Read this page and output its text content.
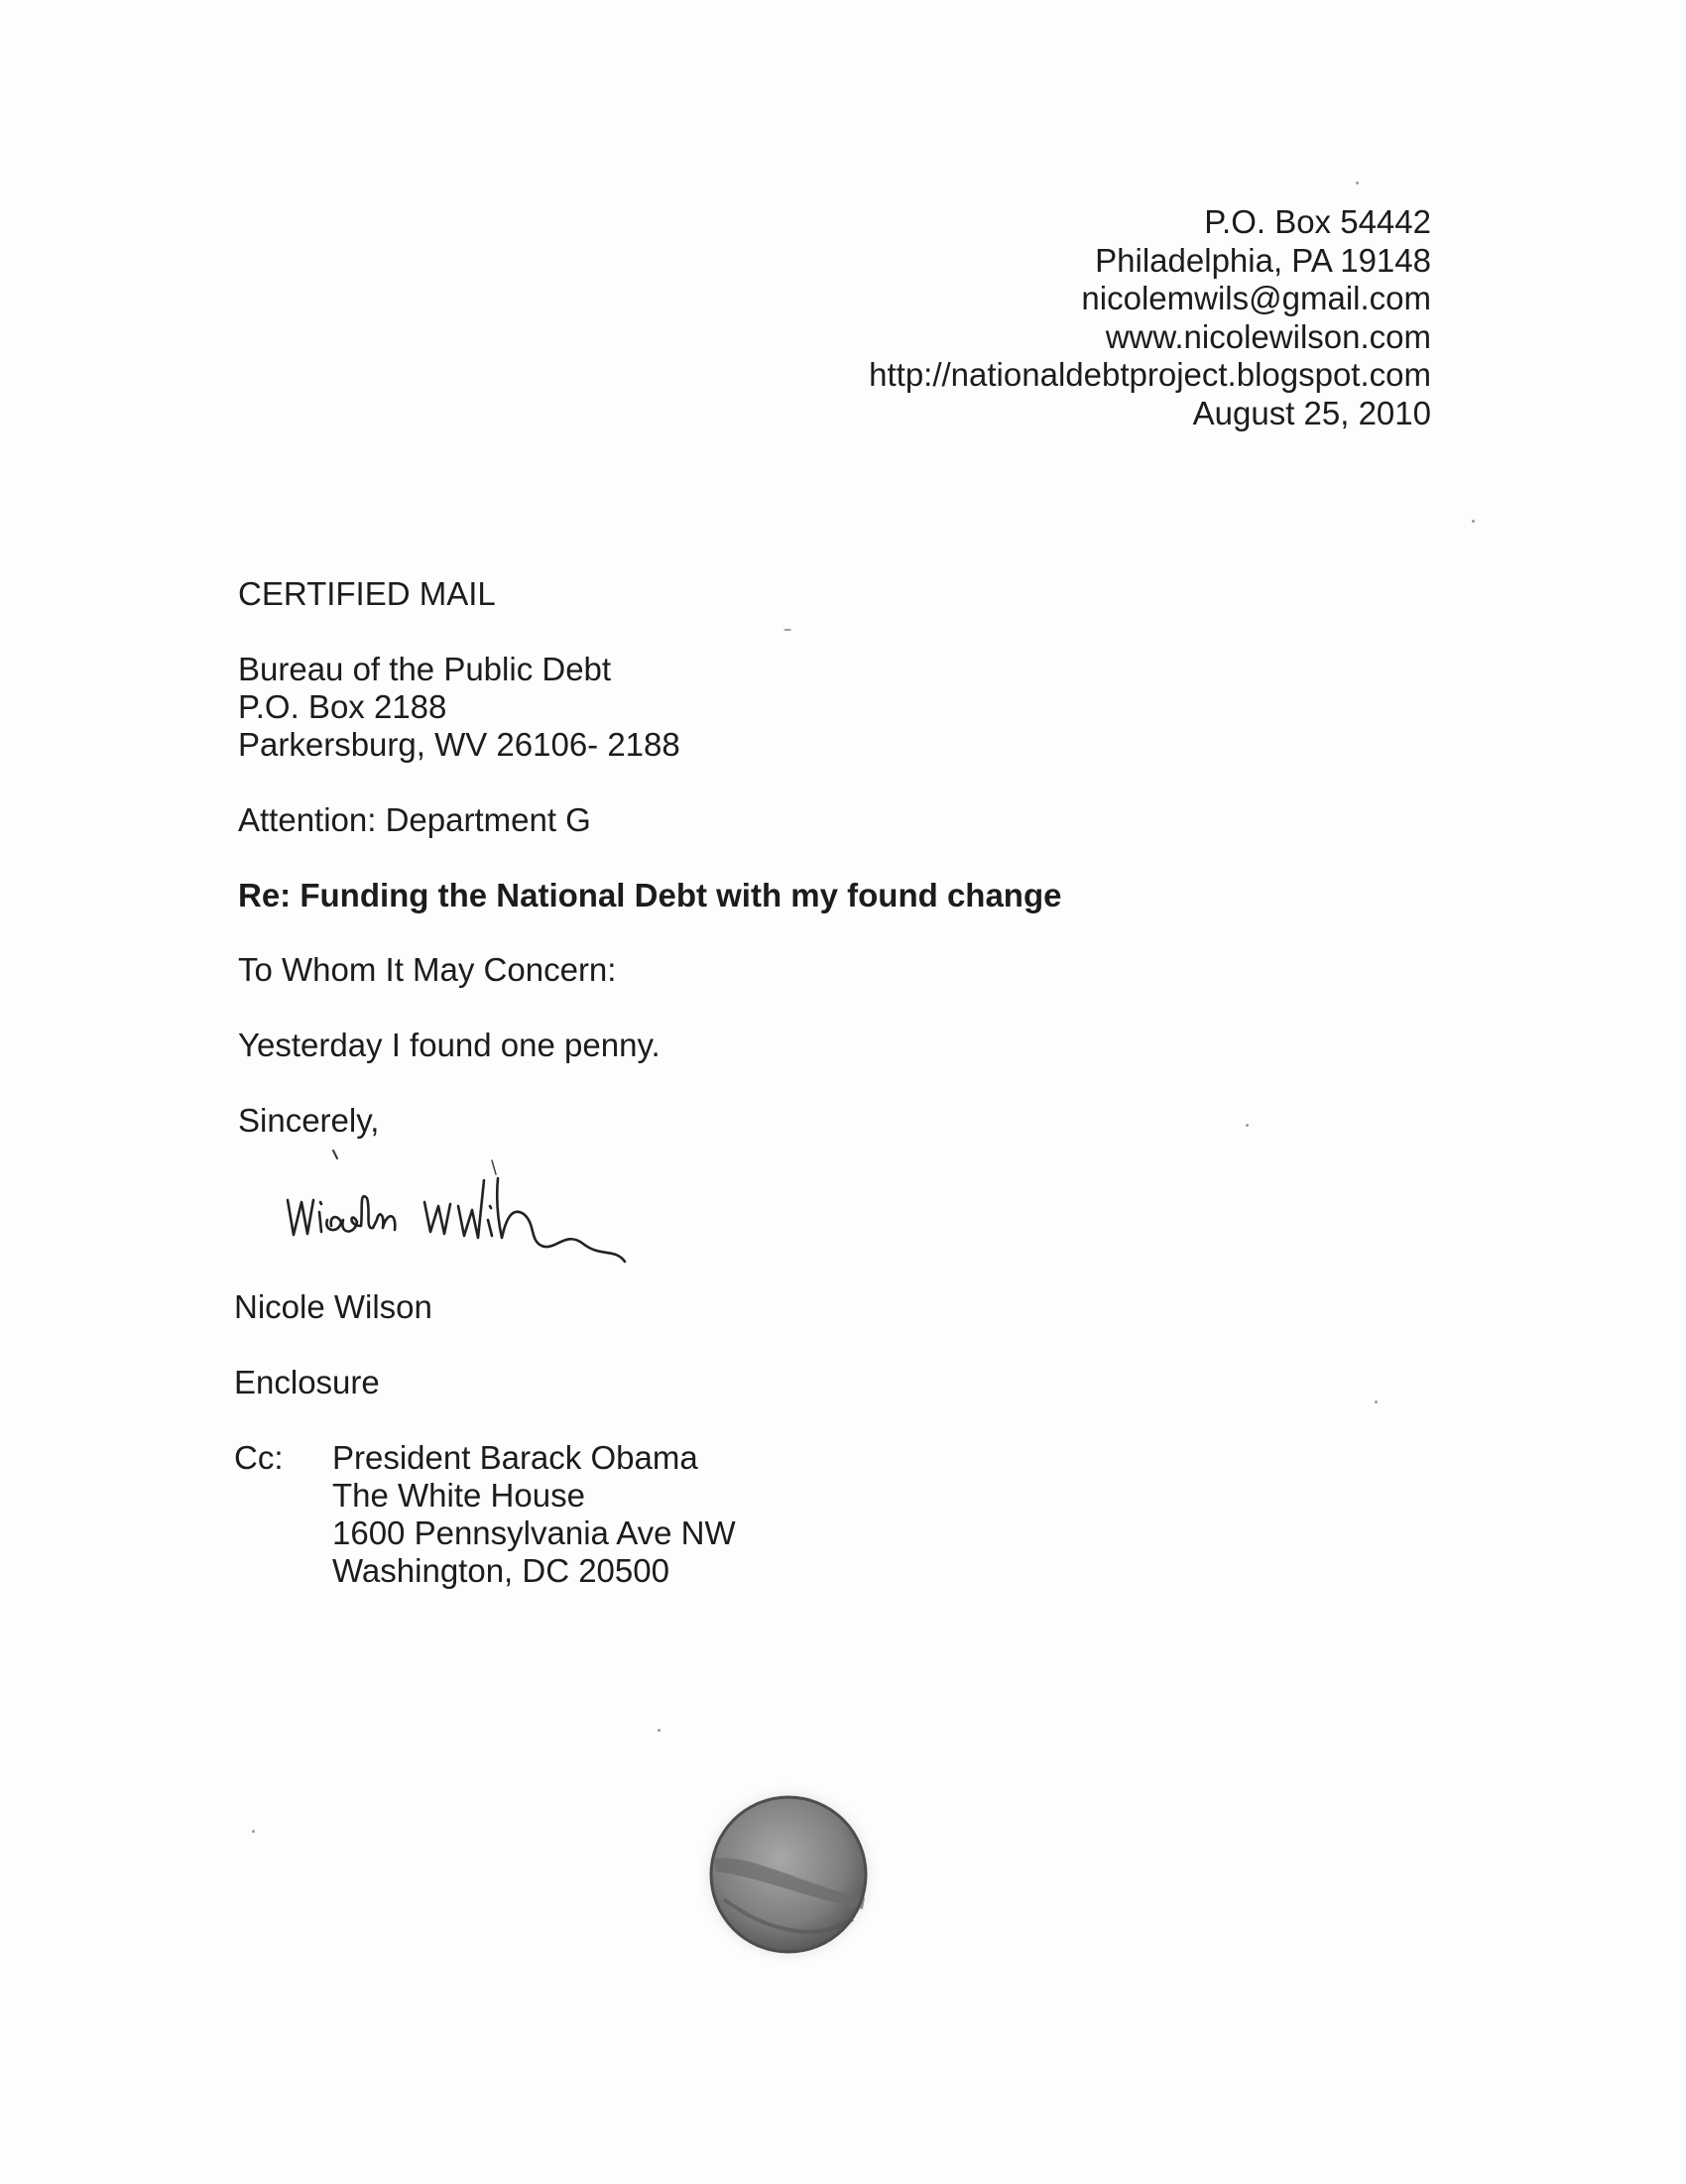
P.O. Box 54442
Philadelphia, PA 19148
nicolemwils@gmail.com
www.nicolewilson.com
http://nationaldebtproject.blogspot.com
August 25, 2010
CERTIFIED MAIL
Bureau of the Public Debt
P.O. Box 2188
Parkersburg, WV 26106- 2188
Attention: Department G
Re: Funding the National Debt with my found change
To Whom It May Concern:
Yesterday I found one penny.
Sincerely,
Nicole Wilson
Enclosure
Cc: President Barack Obama
The White House
1600 Pennsylvania Ave NW
Washington, DC 20500
